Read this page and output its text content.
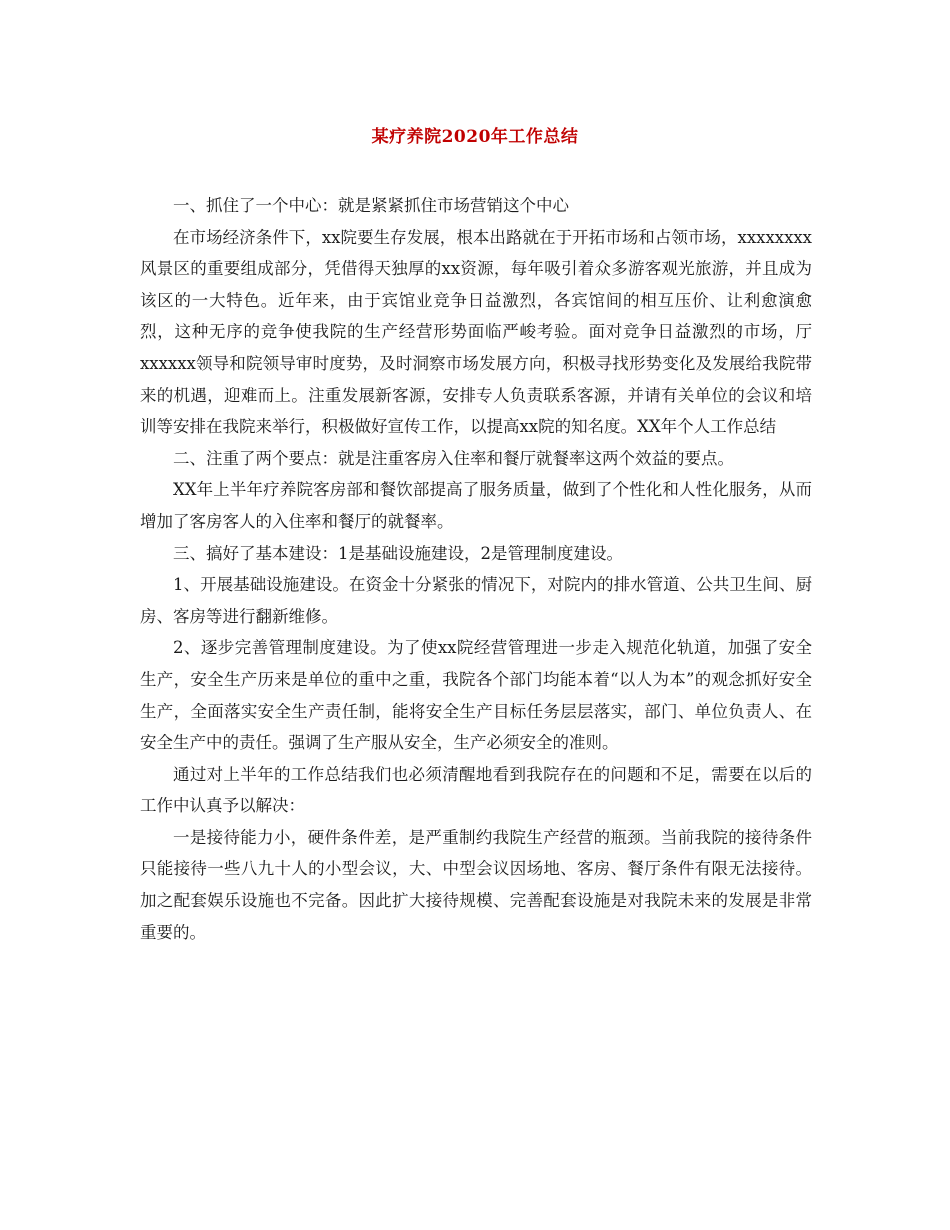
某疗养院2020年工作总结

一、抓住了一个中心：就是紧紧抓住市场营销这个中心

在市场经济条件下，xx院要生存发展，根本出路就在于开拓市场和占领市场，xxxxxxxx风景区的重要组成部分，凭借得天独厚的xx资源，每年吸引着众多游客观光旅游，并且成为该区的一大特色。近年来，由于宾馆业竞争日益激烈，各宾馆间的相互压价、让利愈演愈烈，这种无序的竞争使我院的生产经营形势面临严峻考验。面对竞争日益激烈的市场，厅xxxxxx领导和院领导审时度势，及时洞察市场发展方向，积极寻找形势变化及发展给我院带来的机遇，迎难而上。注重发展新客源，安排专人负责联系客源，并请有关单位的会议和培训等安排在我院来举行，积极做好宣传工作，以提高xx院的知名度。XX年个人工作总结

二、注重了两个要点：就是注重客房入住率和餐厅就餐率这两个效益的要点。

XX年上半年疗养院客房部和餐饮部提高了服务质量，做到了个性化和人性化服务，从而增加了客房客人的入住率和餐厅的就餐率。

三、搞好了基本建设：1是基础设施建设，2是管理制度建设。

1、开展基础设施建设。在资金十分紧张的情况下，对院内的排水管道、公共卫生间、厨房、客房等进行翻新维修。

2、逐步完善管理制度建设。为了使xx院经营管理进一步走入规范化轨道，加强了安全生产，安全生产历来是单位的重中之重，我院各个部门均能本着“以人为本”的观念抓好安全生产，全面落实安全生产责任制，能将安全生产目标任务层层落实，部门、单位负责人、在安全生产中的责任。强调了生产服从安全，生产必须安全的准则。

通过对上半年的工作总结我们也必须清醒地看到我院存在的问题和不足，需要在以后的工作中认真予以解决：

一是接待能力小，硬件条件差，是严重制约我院生产经营的瓶颈。当前我院的接待条件只能接待一些八九十人的小型会议，大、中型会议因场地、客房、餐厅条件有限无法接待。加之配套娱乐设施也不完备。因此扩大接待规模、完善配套设施是对我院未来的发展是非常重要的。
